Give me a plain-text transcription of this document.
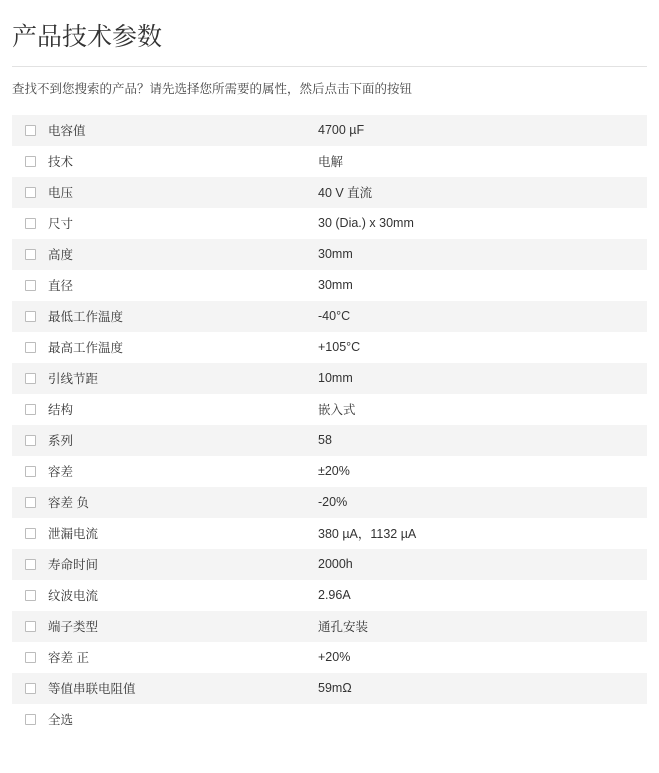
产品技术参数

查找不到您搜索的产品？请先选择您所需要的属性，然后点击下面的按钮

	电容值	4700 µF
	技术	电解
	电压	40 V 直流
	尺寸	30 (Dia.) x 30mm
	高度	30mm
	直径	30mm
	最低工作温度	-40°C
	最高工作温度	+105°C
	引线节距	10mm
	结构	嵌入式
	系列	58
	容差	±20%
	容差 负	-20%
	泄漏电流	380 µA，1132 µA
	寿命时间	2000h
	纹波电流	2.96A
	端子类型	通孔安装
	容差 正	+20%
	等值串联电阻值	59mΩ
	全选	
